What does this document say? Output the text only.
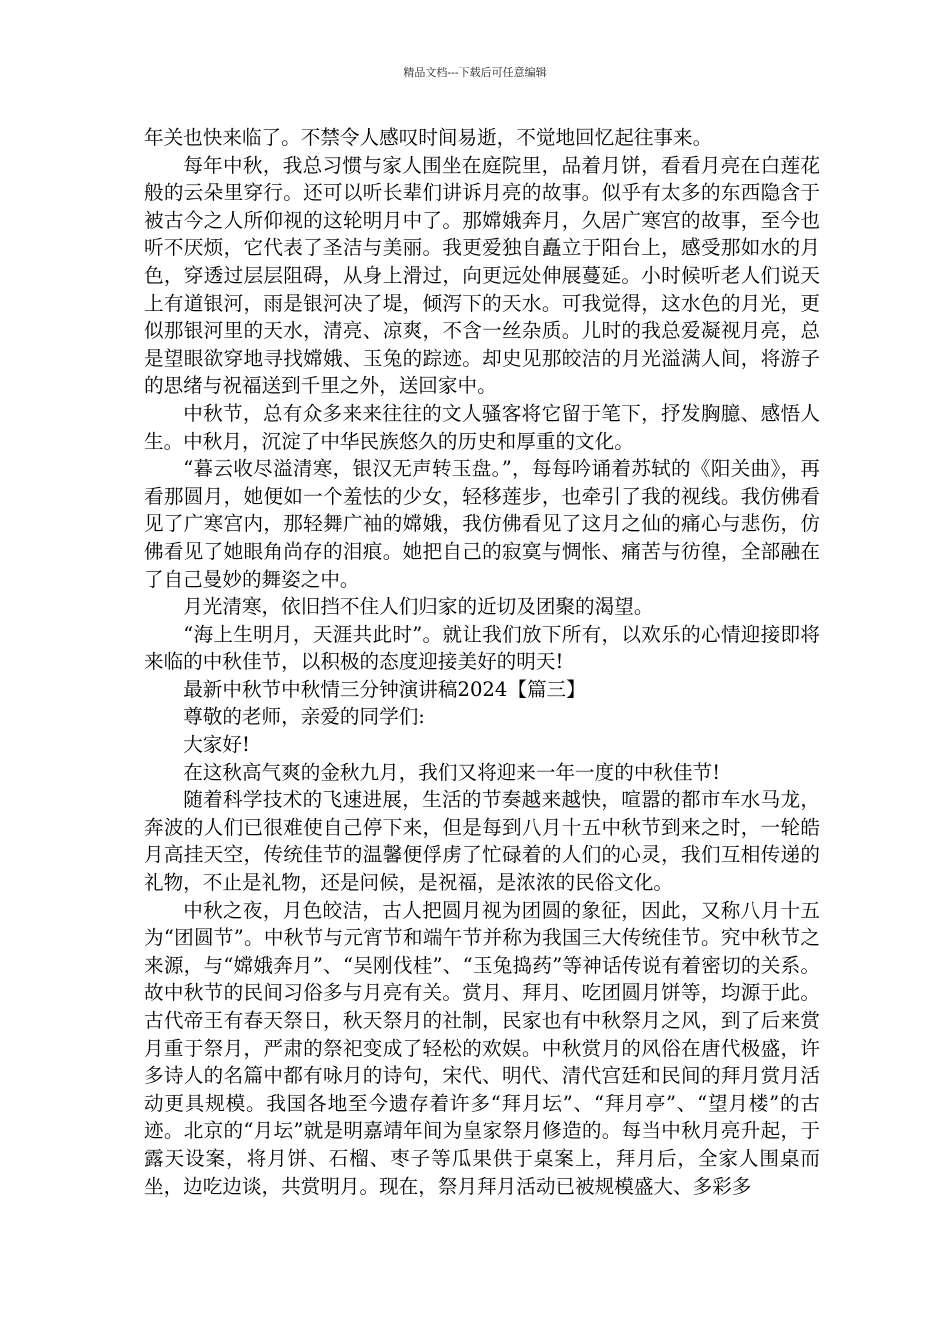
精品文档---下载后可任意编辑

年关也快来临了。不禁令人感叹时间易逝，不觉地回忆起往事来。

每年中秋，我总习惯与家人围坐在庭院里，品着月饼，看看月亮在白莲花般的云朵里穿行。还可以听长辈们讲诉月亮的故事。似乎有太多的东西隐含于被古今之人所仰视的这轮明月中了。那嫦娥奔月，久居广寒宫的故事，至今也听不厌烦，它代表了圣洁与美丽。我更爱独自矗立于阳台上，感受那如水的月色，穿透过层层阻碍，从身上滑过，向更远处伸展蔓延。小时候听老人们说天上有道银河，雨是银河决了堤，倾泻下的天水。可我觉得，这水色的月光，更似那银河里的天水，清亮、凉爽，不含一丝杂质。儿时的我总爱凝视月亮，总是望眼欲穿地寻找嫦娥、玉兔的踪迹。却史见那皎洁的月光溢满人间，将游子的思绪与祝福送到千里之外，送回家中。

中秋节，总有众多来来往往的文人骚客将它留于笔下，抒发胸臆、感悟人生。中秋月，沉淀了中华民族悠久的历史和厚重的文化。

“暮云收尽溢清寒，银汉无声转玉盘。”，每每吟诵着苏轼的《阳关曲》，再看那圆月，她便如一个羞怯的少女，轻移莲步，也牵引了我的视线。我仿佛看见了广寒宫内，那轻舞广袖的嫦娥，我仿佛看见了这月之仙的痛心与悲伤，仿佛看见了她眼角尚存的泪痕。她把自己的寂寞与惆怅、痛苦与彷徨，全部融在了自己曼妙的舞姿之中。

月光清寒，依旧挡不住人们归家的近切及团聚的渴望。

“海上生明月，天涯共此时”。就让我们放下所有，以欢乐的心情迎接即将来临的中秋佳节，以积极的态度迎接美好的明天!

最新中秋节中秋情三分钟演讲稿2024【篇三】

尊敬的老师，亲爱的同学们:

大家好!

在这秋高气爽的金秋九月，我们又将迎来一年一度的中秋佳节!

随着科学技术的飞速进展，生活的节奏越来越快，喧嚣的都市车水马龙，奔波的人们已很难使自己停下来，但是每到八月十五中秋节到来之时，一轮皓月高挂天空，传统佳节的温馨便俘虏了忙碌着的人们的心灵，我们互相传递的礼物，不止是礼物，还是问候，是祝福，是浓浓的民俗文化。

中秋之夜，月色皎洁，古人把圆月视为团圆的象征，因此，又称八月十五为“团圆节”。中秋节与元宵节和端午节并称为我国三大传统佳节。究中秋节之来源，与“嫦娥奔月”、“吴刚伐桂”、“玉兔捣药”等神话传说有着密切的关系。故中秋节的民间习俗多与月亮有关。赏月、拜月、吃团圆月饼等，均源于此。古代帝王有春天祭日，秋天祭月的社制，民家也有中秋祭月之风，到了后来赏月重于祭月，严肃的祭祀变成了轻松的欢娱。中秋赏月的风俗在唐代极盛，许多诗人的名篇中都有咏月的诗句，宋代、明代、清代宫廷和民间的拜月赏月活动更具规模。我国各地至今遗存着许多“拜月坛”、“拜月亭”、“望月楼”的古迹。北京的“月坛”就是明嘉靖年间为皇家祭月修造的。每当中秋月亮升起，于露天设案，将月饼、石榴、枣子等瓜果供于桌案上，拜月后，全家人围桌而坐，边吃边谈，共赏明月。现在，祭月拜月活动已被规模盛大、多彩多
